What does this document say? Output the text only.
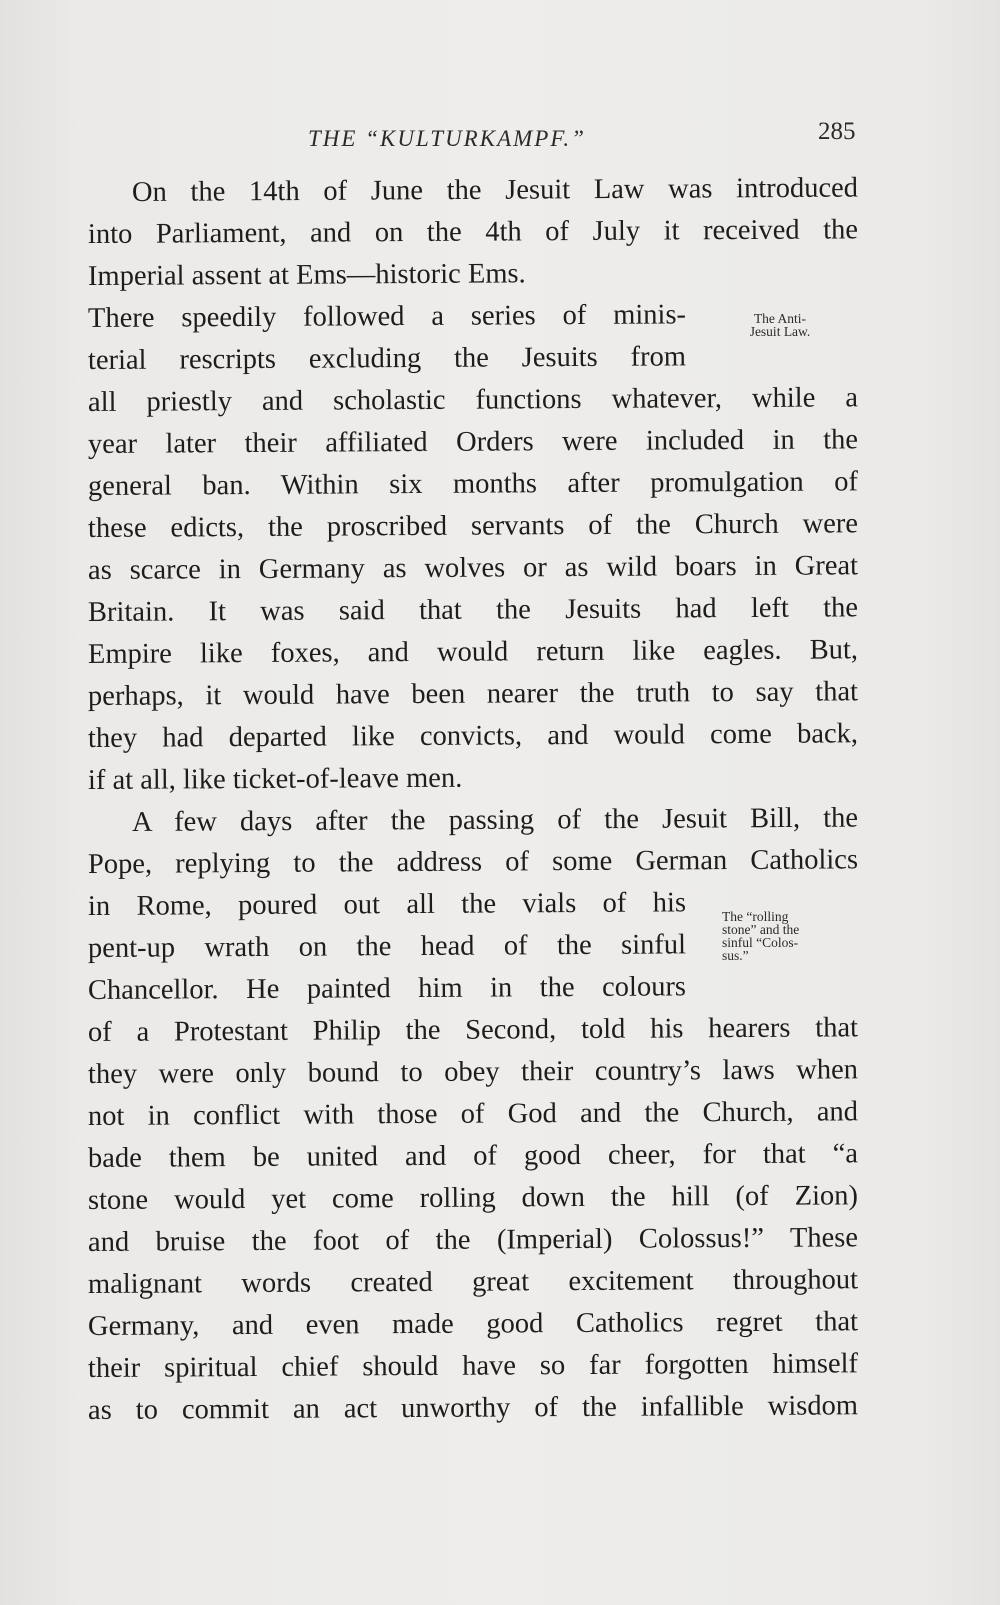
THE “KULTURKAMPF.”	285
On the 14th of June the Jesuit Law was introduced
into Parliament, and on the 4th of July it received the
Imperial assent at Ems—historic Ems.
There speedily followed a series of minis-
terial rescripts excluding the Jesuits from
all priestly and scholastic functions whatever, while a
year later their affiliated Orders were included in the
general ban. Within six months after promulgation of
these edicts, the proscribed servants of the Church were
as scarce in Germany as wolves or as wild boars in Great
Britain. It was said that the Jesuits had left the
Empire like foxes, and would return like eagles. But,
perhaps, it would have been nearer the truth to say that
they had departed like convicts, and would come back,
if at all, like ticket-of-leave men.
A few days after the passing of the Jesuit Bill, the
Pope, replying to the address of some German Catholics
in Rome, poured out all the vials of his
pent-up wrath on the head of the sinful
Chancellor. He painted him in the colours
of a Protestant Philip the Second, told his hearers that
they were only bound to obey their country’s laws when
not in conflict with those of God and the Church, and
bade them be united and of good cheer, for that “a
stone would yet come rolling down the hill (of Zion)
and bruise the foot of the (Imperial) Colossus!” These
malignant words created great excitement throughout
Germany, and even made good Catholics regret that
their spiritual chief should have so far forgotten himself
as to commit an act unworthy of the infallible wisdom
The Anti-
Jesuit Law.
The “rolling
stone” and the
sinful “Colos-
sus.”
